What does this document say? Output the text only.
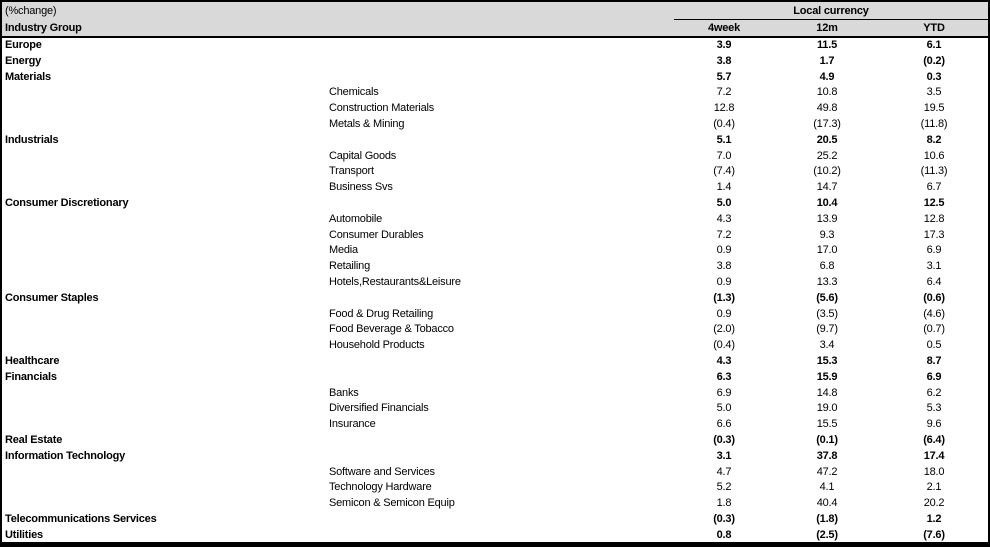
(%change)		Local currency		
Industry Group		4week	12m	YTD
Europe		3.9	11.5	6.1
Energy		3.8	1.7	(0.2)
Materials		5.7	4.9	0.3
	Chemicals	7.2	10.8	3.5
	Construction Materials	12.8	49.8	19.5
	Metals & Mining	(0.4)	(17.3)	(11.8)
Industrials		5.1	20.5	8.2
	Capital Goods	7.0	25.2	10.6
	Transport	(7.4)	(10.2)	(11.3)
	Business Svs	1.4	14.7	6.7
Consumer Discretionary		5.0	10.4	12.5
	Automobile	4.3	13.9	12.8
	Consumer Durables	7.2	9.3	17.3
	Media	0.9	17.0	6.9
	Retailing	3.8	6.8	3.1
	Hotels,Restaurants&Leisure	0.9	13.3	6.4
Consumer Staples		(1.3)	(5.6)	(0.6)
	Food & Drug Retailing	0.9	(3.5)	(4.6)
	Food Beverage & Tobacco	(2.0)	(9.7)	(0.7)
	Household Products	(0.4)	3.4	0.5
Healthcare		4.3	15.3	8.7
Financials		6.3	15.9	6.9
	Banks	6.9	14.8	6.2
	Diversified Financials	5.0	19.0	5.3
	Insurance	6.6	15.5	9.6
Real Estate		(0.3)	(0.1)	(6.4)
Information Technology		3.1	37.8	17.4
	Software and Services	4.7	47.2	18.0
	Technology Hardware	5.2	4.1	2.1
	Semicon & Semicon Equip	1.8	40.4	20.2
Telecommunications Services		(0.3)	(1.8)	1.2
Utilities		0.8	(2.5)	(7.6)
